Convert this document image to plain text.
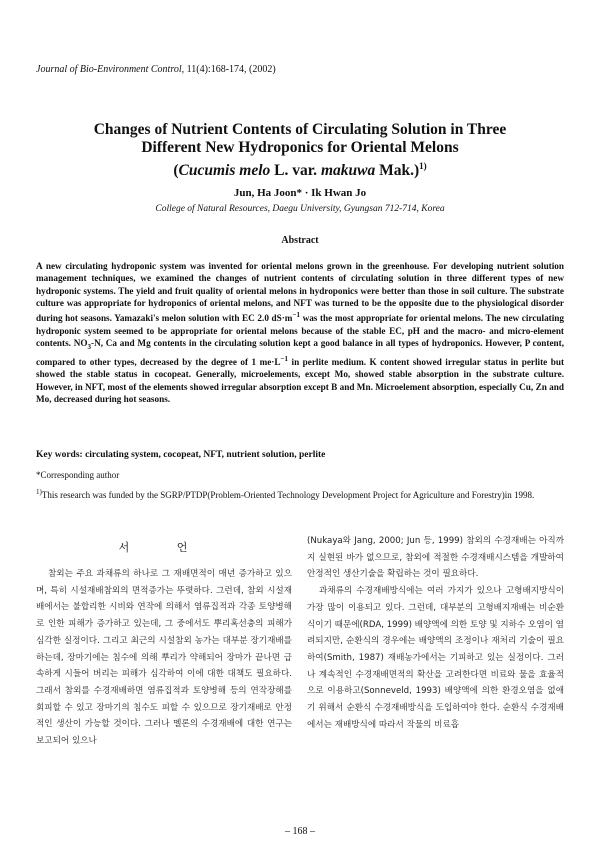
Journal of Bio-Environment Control, 11(4):168-174, (2002)
Changes of Nutrient Contents of Circulating Solution in Three
Different New Hydroponics for Oriental Melons
(Cucumis melo L. var. makuwa Mak.)$^{1)}$
Jun, Ha Joon* · Ik Hwan Jo
College of Natural Resources, Daegu University, Gyungsan 712-714, Korea
Abstract
A new circulating hydroponic system was invented for oriental melons grown in the greenhouse. For developing nutrient solution management techniques, we examined the changes of nutrient contents of circulating solution in three different types of new hydroponic systems. The yield and fruit quality of oriental melons in hydroponics were better than those in soil culture. The substrate culture was appropriate for hydroponics of oriental melons, and NFT was turned to be the opposite due to the physiological disorder during hot seasons. Yamazaki's melon solution with EC 2.0 $dS\cdot m^{-1}$ was the most appropriate for oriental melons. The new circulating hydroponic system seemed to be appropriate for oriental melons because of the stable EC, pH and the macro- and micro-element contents. $NO_3-N$, Ca and Mg contents in the circulating solution kept a good balance in all types of hydroponics. However, P content, compared to other types, decreased by the degree of 1 $me\cdot L^{-1}$ in perlite medium. K content showed irregular status in perlite but showed the stable status in cocopeat. Generally, microelements, except Mo, showed stable absorption in the substrate culture. However, in NFT, most of the elements showed irregular absorption except B and Mn. Microelement absorption, especially Cu, Zn and Mo, decreased during hot seasons.
Key words: circulating system, cocopeat, NFT, nutrient solution, perlite
*Corresponding author
$^{1)}$This research was funded by the SGRP/PTDP(Problem-Oriented Technology Development Project for Agriculture and Forestry)in 1998.
서 언

참외는 주요 과채류의 하나로 그 재배면적이 매년 증가하고 있으며, 특히 시설재배참외의 면적증가는 뚜렷하다. 그런데, 참외 시설재배에서는 불합리한 시비와 연작에 의해서 염류집적과 각종 토양병해로 인한 피해가 증가하고 있는데, 그 중에서도 뿌리혹선충의 피해가 심각한 실정이다. 그리고 최근의 시설참외 농가는 대부분 장기재배를 하는데, 장마기에는 침수에 의해 뿌리가 약해되어 장마가 끝나면 급속하게 시들어 버리는 피해가 심각하여 이에 대한 대책도 필요하다. 그래서 참외를 수경재배하면 염류집적과 토양병해 등의 연작장해를 회피할 수 있고 장마기의 침수도 피할 수 있으므로 장기재배로 안정적인 생산이 가능할 것이다. 그러나 멜론의 수경재배에 대한 연구는 보고되어 있으나

(Nukaya와 Jang, 2000; Jun 등, 1999) 참외의 수경재배는 아직까지 실현된 바가 없으므로, 참외에 적절한 수경재배시스템을 개발하여 안정적인 생산기술을 확립하는 것이 필요하다.

과채류의 수경재배방식에는 여러 가지가 있으나 고형배지방식이 가장 많이 이용되고 있다. 그런데, 대부분의 고형배지재배는 비순환식이기 때문에(RDA, 1999) 배양액에 의한 토양 및 지하수 오염이 염려되지만, 순환식의 경우에는 배양액의 조정이나 재처리 기술이 필요하여(Smith, 1987) 재배농가에서는 기피하고 있는 실정이다. 그러나 계속적인 수경재배면적의 확산을 고려한다면 비료와 물을 효율적으로 이용하고(Sonneveld, 1993) 배양액에 의한 환경오염을 없애기 위해서 순환식 수경재배방식을 도입하여야 한다. 순환식 수경재배에서는 재배방식에 따라서 작물의 비료흡

– 168 –
